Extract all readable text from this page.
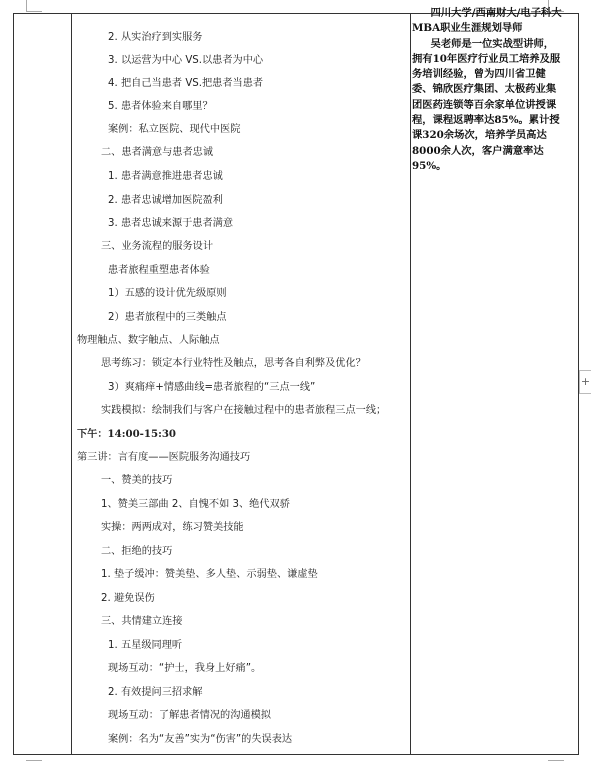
2. 从实治疗到实服务
3. 以运营为中心 VS.以患者为中心
4. 把自己当患者 VS.把患者当患者
5. 患者体验来自哪里？
案例：私立医院、现代中医院
二、患者满意与患者忠诚
1. 患者满意推进患者忠诚
2. 患者忠诚增加医院盈利
3. 患者忠诚来源于患者满意
三、业务流程的服务设计
患者旅程重塑患者体验
1）五感的设计优先级原则
2）患者旅程中的三类触点
物理触点、数字触点、人际触点
思考练习：锁定本行业特性及触点，思考各自利弊及优化？
3）爽痛痒+情感曲线=患者旅程的“三点一线”
实践模拟：绘制我们与客户在接触过程中的患者旅程三点一线；
下午：14:00-15:30
第三讲：言有度——医院服务沟通技巧
一、赞美的技巧
1、赞美三部曲 2、自愧不如 3、绝代双骄
实操：两两成对，练习赞美技能
二、拒绝的技巧
1. 垫子缓冲：赞美垫、多人垫、示弱垫、谦虚垫
2. 避免误伤
三、共情建立连接
1. 五星级同理听
现场互动：“护士，我身上好痛”。
2. 有效提问三招求解
现场互动：了解患者情况的沟通模拟
案例：名为“友善”实为“伤害”的失误表达

四川大学/西南财大/电子科大MBA职业生涯规划导师

吴老师是一位实战型讲师，拥有10年医疗行业员工培养及服务培训经验，曾为四川省卫健委、锦欣医疗集团、太极药业集团医药连锁等百余家单位讲授课程，课程返聘率达85%。累计授课320余场次，培养学员高达8000余人次，客户满意率达95%。

+
